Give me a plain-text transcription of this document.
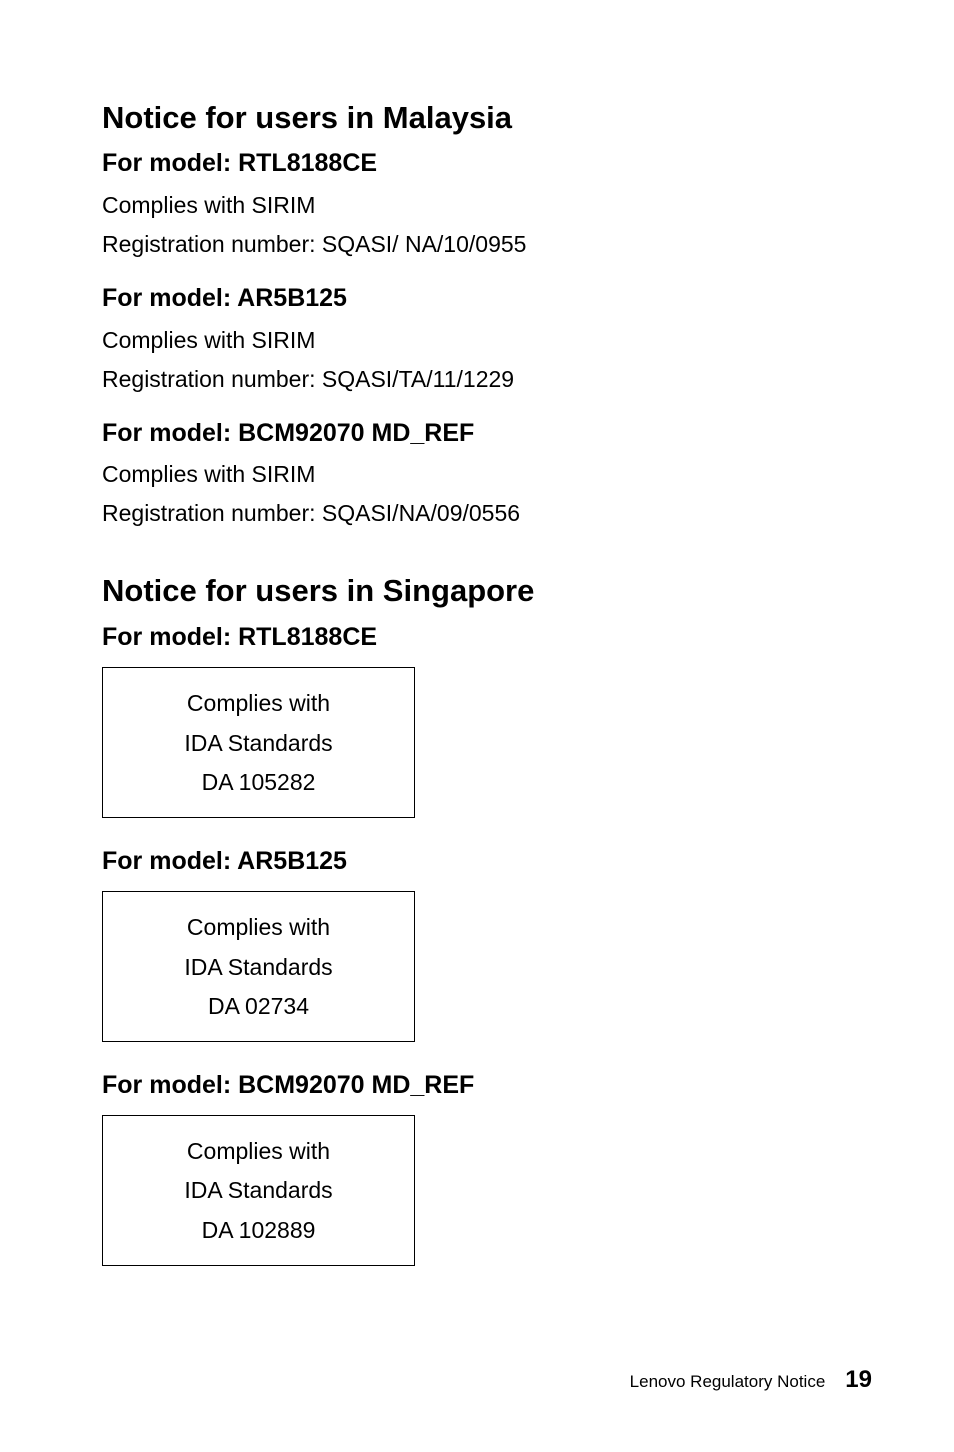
Notice for users in Malaysia
For model: RTL8188CE

Complies with SIRIM

Registration number: SQASI/ NA/10/0955

For model: AR5B125

Complies with SIRIM

Registration number: SQASI/TA/11/1229

For model: BCM92070 MD_REF

Complies with SIRIM

Registration number: SQASI/NA/09/0556

Notice for users in Singapore
For model: RTL8188CE
Complies with
IDA Standards
DA 105282
For model: AR5B125
Complies with
IDA Standards
DA 02734
For model: BCM92070 MD_REF
Complies with
IDA Standards
DA 102889
Lenovo Regulatory Notice 19
